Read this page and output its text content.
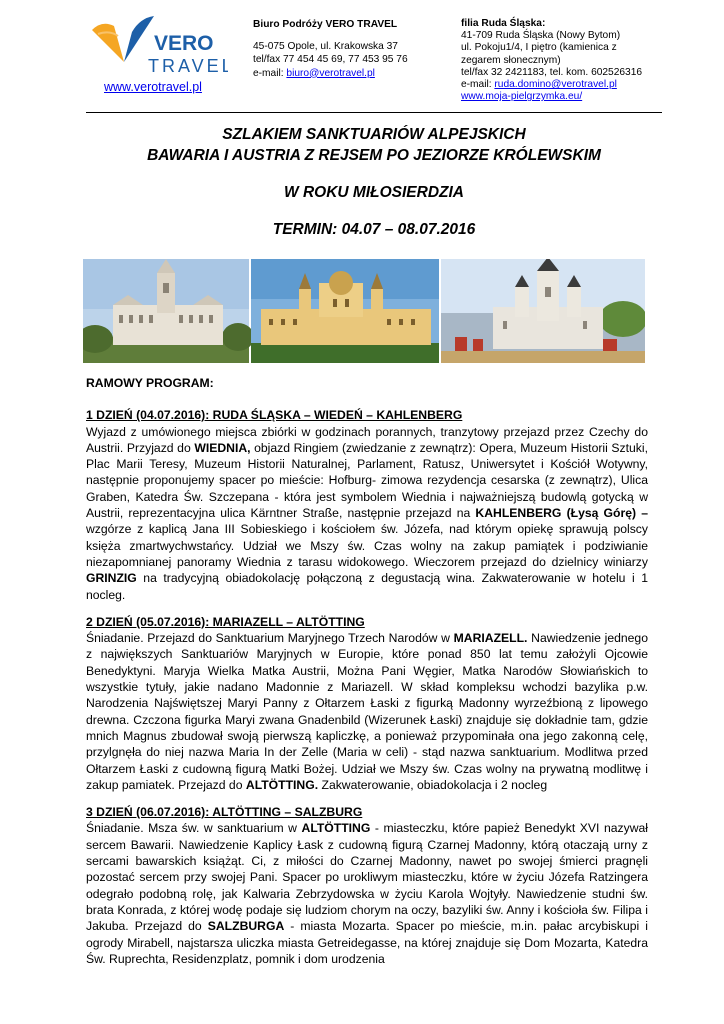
VERO
TRAVEL
www.verotravel.pl
Biuro Podróży VERO TRAVEL
45-075 Opole, ul. Krakowska 37
tel/fax 77 454 45 69, 77 453 95 76
e-mail: biuro@verotravel.pl
filia Ruda Śląska:
41-709 Ruda Śląska (Nowy Bytom)
ul. Pokoju1/4, I piętro (kamienica z
zegarem słonecznym)
tel/fax 32 2421183, tel. kom. 602526316
e-mail: ruda.domino@verotravel.pl
www.moja-pielgrzymka.eu/
SZLAKIEM SANKTUARIÓW ALPEJSKICH
BAWARIA I AUSTRIA Z REJSEM PO JEZIORZE KRÓLEWSKIM
W ROKU MIŁOSIERDZIA
TERMIN: 04.07 – 08.07.2016

RAMOWY PROGRAM:

1 DZIEŃ (04.07.2016): RUDA ŚLĄSKA – WIEDEŃ – KAHLENBERG

Wyjazd z umówionego miejsca zbiórki w godzinach porannych, tranzytowy przejazd przez Czechy do Austrii. Przyjazd do WIEDNIA, objazd Ringiem (zwiedzanie z zewnątrz): Opera, Muzeum Historii Sztuki, Plac Marii Teresy, Muzeum Historii Naturalnej, Parlament, Ratusz, Uniwersytet i Kościół Wotywny, następnie proponujemy spacer po mieście: Hofburg- zimowa rezydencja cesarska (z zewnątrz), Ulica Graben, Katedra Św. Szczepana - która jest symbolem Wiednia i najważniejszą budowlą gotycką w Austrii, reprezentacyjna ulica Kärntner Straße, następnie przejazd na KAHLENBERG (Łysą Górę) – wzgórze z kaplicą Jana III Sobieskiego i kościołem św. Józefa, nad którym opiekę sprawują polscy księża zmartwychwstańcy. Udział we Mszy św. Czas wolny na zakup pamiątek i podziwianie niezapomnianej panoramy Wiednia z tarasu widokowego. Wieczorem przejazd do dzielnicy winiarzy GRINZIG na tradycyjną obiadokolację połączoną z degustacją wina. Zakwaterowanie w hotelu i 1 nocleg.

2 DZIEŃ (05.07.2016): MARIAZELL – ALTÖTTING

Śniadanie. Przejazd do Sanktuarium Maryjnego Trzech Narodów w MARIAZELL. Nawiedzenie jednego z największych Sanktuariów Maryjnych w Europie, które ponad 850 lat temu założyli Ojcowie Benedyktyni. Maryja Wielka Matka Austrii, Można Pani Węgier, Matka Narodów Słowiańskich to wszystkie tytuły, jakie nadano Madonnie z Mariazell. W skład kompleksu wchodzi bazylika p.w. Narodzenia Najświętszej Maryi Panny z Ołtarzem Łaski z figurką Madonny wyrzeźbioną z lipowego drewna. Czczona figurka Maryi zwana Gnadenbild (Wizerunek Łaski) znajduje się dokładnie tam, gdzie mnich Magnus zbudował swoją pierwszą kapliczkę, a ponieważ przypominała ona jego zakonną celę, przylgnęła do niej nazwa Maria In der Zelle (Maria w celi) - stąd nazwa sanktuarium. Modlitwa przed Ołtarzem Łaski z cudowną figurą Matki Bożej. Udział we Mszy św. Czas wolny na prywatną modlitwę i zakup pamiatek. Przejazd do ALTÖTTING. Zakwaterowanie, obiadokolacja i 2 nocleg

3 DZIEŃ (06.07.2016): ALTÖTTING – SALZBURG

Śniadanie. Msza św. w sanktuarium w ALTÖTTING - miasteczku, które papież Benedykt XVI nazywał sercem Bawarii. Nawiedzenie Kaplicy Łask z cudowną figurą Czarnej Madonny, którą otaczają urny z sercami bawarskich książąt. Ci, z miłości do Czarnej Madonny, nawet po swojej śmierci pragnęli pozostać sercem przy swojej Pani. Spacer po urokliwym miasteczku, które w życiu Józefa Ratzingera odegrało podobną rolę, jak Kalwaria Zebrzydowska w życiu Karola Wojtyły. Nawiedzenie studni św. brata Konrada, z której wodę podaje się ludziom chorym na oczy, bazyliki św. Anny i kościoła św. Filipa i Jakuba. Przejazd do SALZBURGA - miasta Mozarta. Spacer po mieście, m.in. pałac arcybiskupi i ogrody Mirabell, najstarsza uliczka miasta Getreidegasse, na której znajduje się Dom Mozarta, Katedra Św. Ruprechta, Residenzplatz, pomnik i dom urodzenia
